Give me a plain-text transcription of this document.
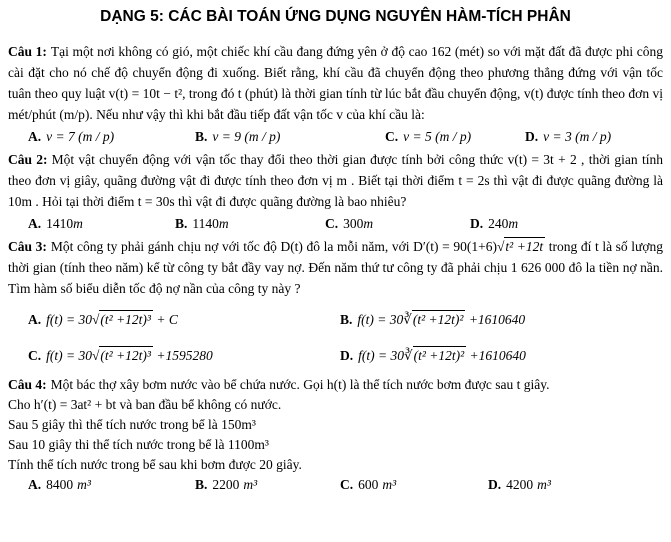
DẠNG 5: CÁC BÀI TOÁN ỨNG DỤNG NGUYÊN HÀM-TÍCH PHÂN

Câu 1: Tại một nơi không có gió, một chiếc khí cầu đang đứng yên ở độ cao 162 (mét) so với mặt đất đã được phi công cài đặt cho nó chế độ chuyển động đi xuống. Biết rằng, khí cầu đã chuyển động theo phương thẳng đứng với vận tốc tuân theo quy luật v(t) = 10t − t², trong đó t (phút) là thời gian tính từ lúc bắt đầu chuyển động, v(t) được tính theo đơn vị mét/phút (m/p). Nếu như vậy thì khi bắt đầu tiếp đất vận tốc v của khí cầu là:

A. v = 7 (m / p)	B. v = 9 (m / p)	C. v = 5 (m / p)	D. v = 3 (m / p)

Câu 2: Một vật chuyển động với vận tốc thay đổi theo thời gian được tính bởi công thức v(t) = 3t + 2 , thời gian tính theo đơn vị giây, quãng đường vật đi được tính theo đơn vị m . Biết tại thời điểm t = 2s thì vật đi được quãng đường là 10m . Hỏi tại thời điểm t = 30s thì vật đi được quãng đường là bao nhiêu?

A. 1410m	B. 1140m	C. 300m	D. 240m

Câu 3: Một công ty phải gánh chịu nợ với tốc độ D(t) đô la mỗi năm, với D′(t) = 90(1+6)√t² +12t trong đí t là số lượng thời gian (tính theo năm) kể từ công ty bắt đầy vay nợ. Đến năm thứ tư công ty đã phải chịu 1 626 000 đô la tiền nợ nần. Tìm hàm số biểu diễn tốc độ nợ nần của công ty này ?

A. f(t) = 30√(t² +12t)³ + C	B. f(t) = 30∛(t² +12t)² +1610640
C. f(t) = 30√(t² +12t)³ +1595280	D. f(t) = 30∛(t² +12t)² +1610640

Câu 4: Một bác thợ xây bơm nước vào bể chứa nước. Gọi h(t) là thể tích nước bơm được sau t giây.

Cho h′(t) = 3at² + bt và ban đầu bể không có nước.

Sau 5 giây thì thể tích nước trong bể là 150m³

Sau 10 giây thi thể tích nước trong bể là 1100m³

Tính thể tích nước trong bể sau khi bơm được 20 giây.

A. 8400 m³	B. 2200 m³	C. 600 m³	D. 4200 m³
